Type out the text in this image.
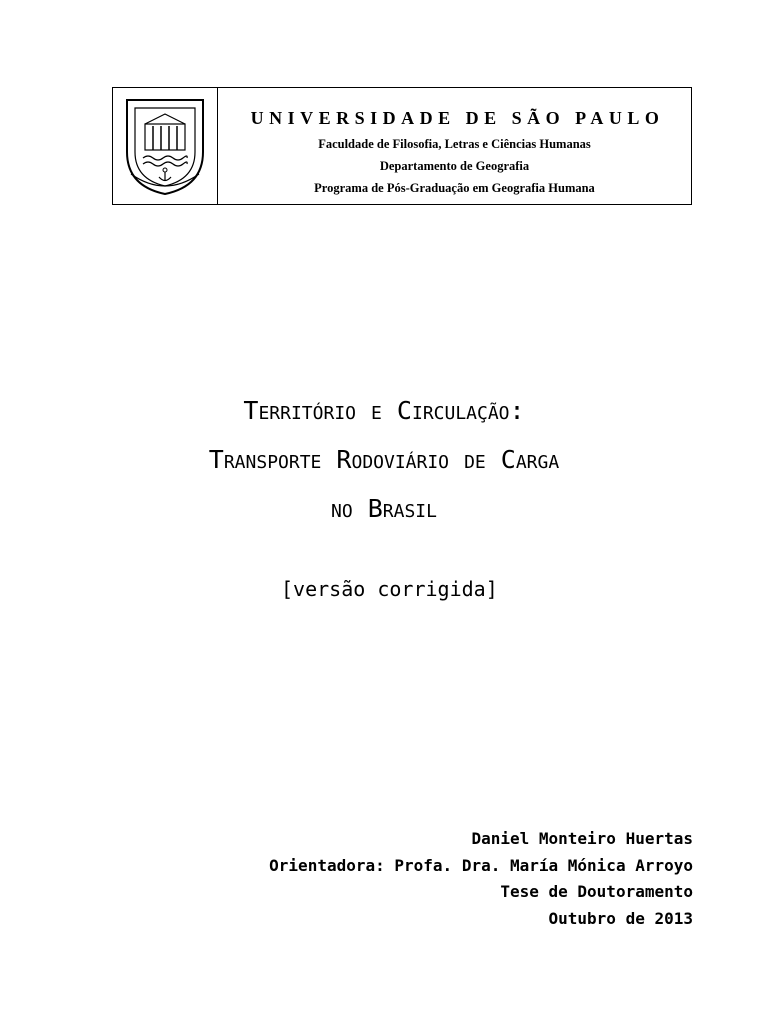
UNIVERSIDADE DE SÃO PAULO
Faculdade de Filosofia, Letras e Ciências Humanas
Departamento de Geografia
Programa de Pós-Graduação em Geografia Humana
Território e Circulação:
Transporte Rodoviário de Carga
no Brasil
[versão corrigida]
Daniel Monteiro Huertas
Orientadora: Profa. Dra. María Mónica Arroyo
Tese de Doutoramento
Outubro de 2013
